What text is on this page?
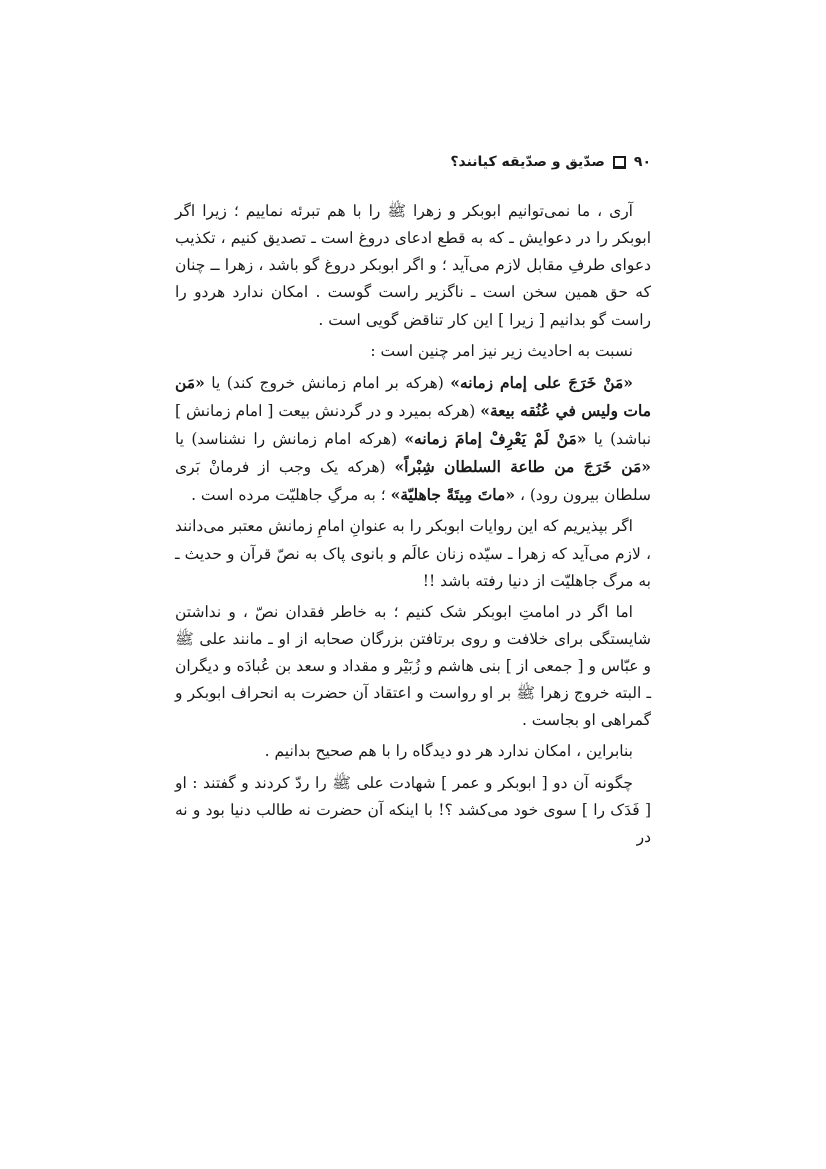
۹۰
صدّیق و صدّیقه کیانند؟

آری ، ما نمی‌توانیم ابوبکر و زهرا ﷺ را با هم تبرئه نماییم ؛ زیرا اگر ابوبکر را در دعوایش ـ که به قطع ادعای دروغ است ـ تصدیق کنیم ، تکذیب دعوای طرفِ مقابل لازم می‌آید ؛ و اگر ابوبکر دروغ گو باشد ، زهرا ــ چنان که حق همین سخن است ـ ناگزیر راست گوست . امکان ندارد هردو را راست گو بدانیم [ زیرا ] این کار تناقض گویی است .

نسبت به احادیث زیر نیز امر چنین است :

«مَنْ خَرَجَ علی إمام زمانه» (هرکه بر امام زمانش خروج کند) یا «مَن مات وليس في عُنُقه بيعة» (هرکه بمیرد و در گردنش بیعت [ امام زمانش ] نباشد) یا «مَنْ لَمْ يَعْرِفْ إمامَ زمانه» (هرکه امام زمانش را نشناسد) یا «مَن خَرَجَ من طاعة السلطان شِبْراً» (هرکه یک وجب از فرمانْ بَری سلطان بیرون رود) ، «ماتَ مِيتَةً جاهليّة» ؛ به مرگِ جاهلیّت مرده است .

اگر بپذیریم که این روایات ابوبکر را به عنوانِ امامِ زمانش معتبر می‌دانند ، لازم می‌آید که زهرا ـ سیّده زنان عالَم و بانوی پاک به نصّ قرآن و حدیث ـ به مرگ جاهلیّت از دنیا رفته باشد !!

اما اگر در امامتِ ابوبکر شک کنیم ؛ به خاطر فقدان نصّ ، و نداشتن شایستگی برای خلافت و روی برتافتن بزرگان صحابه از او ـ مانند علی ﷺ و عبّاس و [ جمعی از ] بنی هاشم و زُبَیْر و مقداد و سعد بن عُبادَه و دیگران ـ البته خروج زهرا ﷺ بر او رواست و اعتقاد آن حضرت به انحراف ابوبکر و گمراهی او بجاست .

بنابراین ، امکان ندارد هر دو دیدگاه را با هم صحیح بدانیم .

چگونه آن دو [ ابوبکر و عمر ] شهادت علی ﷺ را ردّ کردند و گفتند : او [ فَدَک را ] سوی خود می‌کشد ؟! با اینکه آن حضرت نه طالب دنیا بود و نه در
